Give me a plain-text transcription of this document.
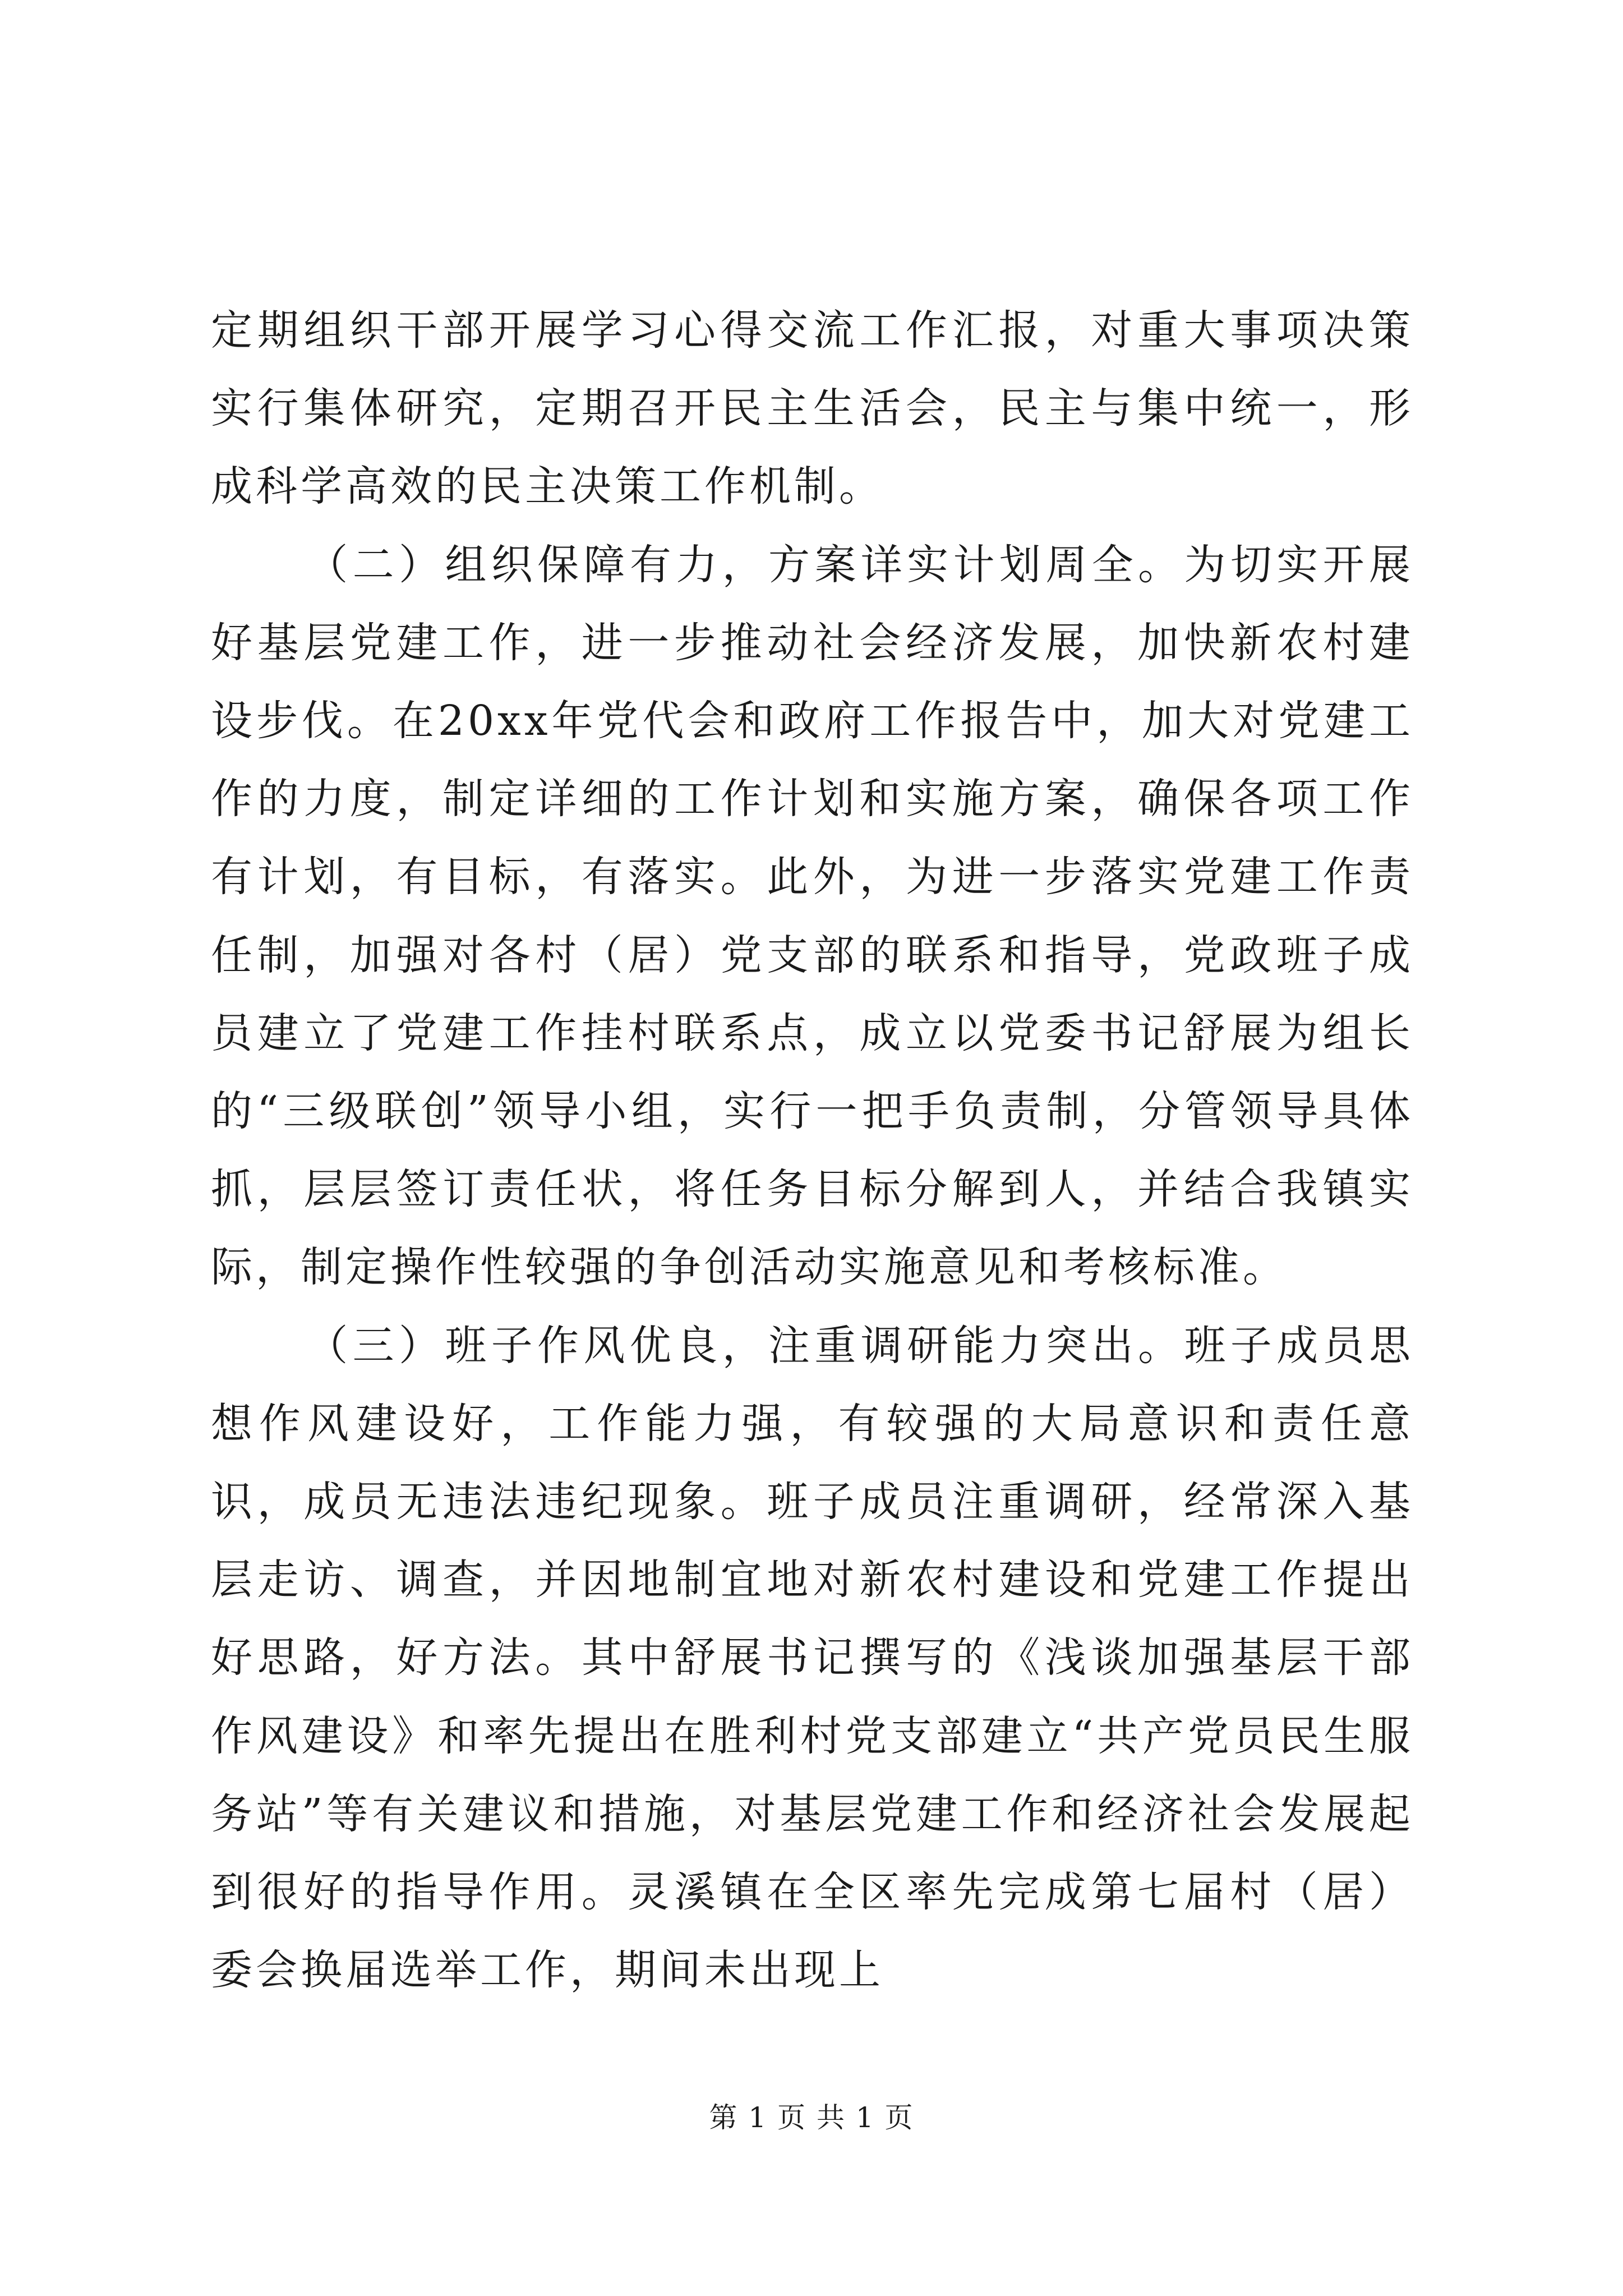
定期组织干部开展学习心得交流工作汇报，对重大事项决策实行集体研究，定期召开民主生活会，民主与集中统一，形成科学高效的民主决策工作机制。

（二）组织保障有力，方案详实计划周全。为切实开展好基层党建工作，进一步推动社会经济发展，加快新农村建设步伐。在20xx年党代会和政府工作报告中，加大对党建工作的力度，制定详细的工作计划和实施方案，确保各项工作有计划，有目标，有落实。此外，为进一步落实党建工作责任制，加强对各村（居）党支部的联系和指导，党政班子成员建立了党建工作挂村联系点，成立以党委书记舒展为组长的“三级联创”领导小组，实行一把手负责制，分管领导具体抓，层层签订责任状，将任务目标分解到人，并结合我镇实际，制定操作性较强的争创活动实施意见和考核标准。

（三）班子作风优良，注重调研能力突出。班子成员思想作风建设好，工作能力强，有较强的大局意识和责任意识，成员无违法违纪现象。班子成员注重调研，经常深入基层走访、调查，并因地制宜地对新农村建设和党建工作提出好思路，好方法。其中舒展书记撰写的《浅谈加强基层干部作风建设》和率先提出在胜利村党支部建立“共产党员民生服务站”等有关建议和措施，对基层党建工作和经济社会发展起到很好的指导作用。灵溪镇在全区率先完成第七届村（居）委会换届选举工作，期间未出现上

第 1 页 共 1 页
